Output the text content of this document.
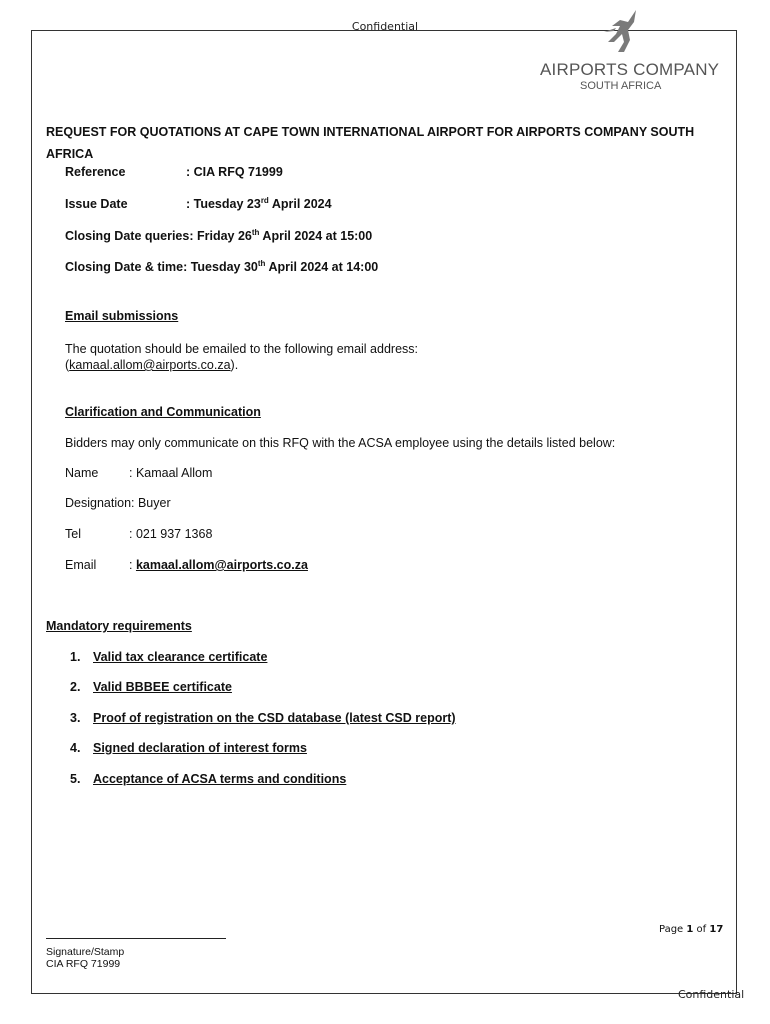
Confidential
AIRPORTS COMPANY
SOUTH AFRICA
REQUEST FOR QUOTATIONS AT CAPE TOWN INTERNATIONAL AIRPORT FOR AIRPORTS COMPANY SOUTH AFRICA
Reference	: CIA RFQ 71999
Issue Date	: Tuesday 23rd April 2024
Closing Date queries: Friday 26th April 2024 at 15:00
Closing Date & time: Tuesday 30th April 2024 at 14:00
Email submissions
The quotation should be emailed to the following email address:
(kamaal.allom@airports.co.za).
Clarification and Communication
Bidders may only communicate on this RFQ with the ACSA employee using the details listed below:
Name : Kamaal Allom
Designation: Buyer
Tel	: 021 937 1368
Email	: kamaal.allom@airports.co.za
Mandatory requirements
1. Valid tax clearance certificate
2. Valid BBBEE certificate
3. Proof of registration on the CSD database (latest CSD report)
4. Signed declaration of interest forms
5. Acceptance of ACSA terms and conditions
Page 1 of 17
Signature/Stamp
CIA RFQ 71999
Confidential
